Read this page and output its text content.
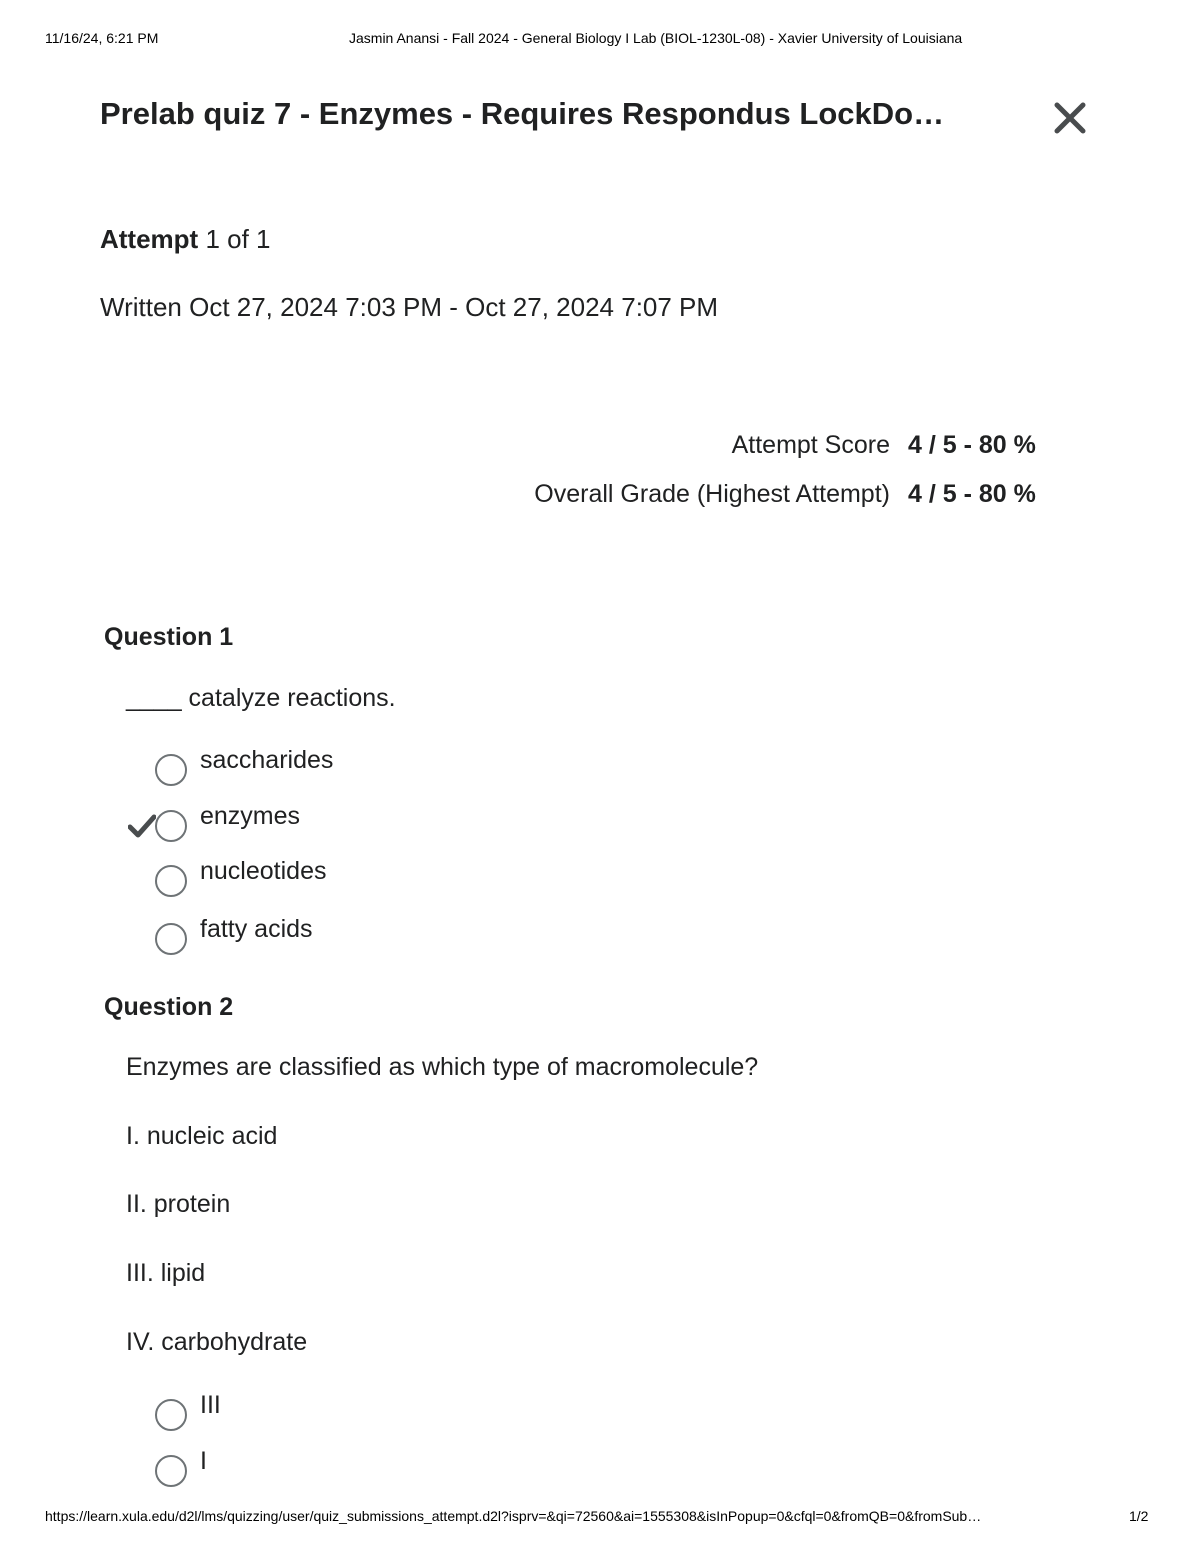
11/16/24, 6:21 PM	Jasmin Anansi - Fall 2024 - General Biology I Lab (BIOL-1230L-08) - Xavier University of Louisiana
Prelab quiz 7 - Enzymes - Requires Respondus LockDo…
Attempt 1 of 1
Written Oct 27, 2024 7:03 PM - Oct 27, 2024 7:07 PM
Attempt Score 4 / 5 - 80 %
Overall Grade (Highest Attempt) 4 / 5 - 80 %
Question 1
____ catalyze reactions.
saccharides
enzymes
nucleotides
fatty acids
Question 2
Enzymes are classified as which type of macromolecule?
I. nucleic acid
II. protein
III. lipid
IV. carbohydrate
III
I
https://learn.xula.edu/d2l/lms/quizzing/user/quiz_submissions_attempt.d2l?isprv=&qi=72560&ai=1555308&isInPopup=0&cfql=0&fromQB=0&fromSub…	1/2
